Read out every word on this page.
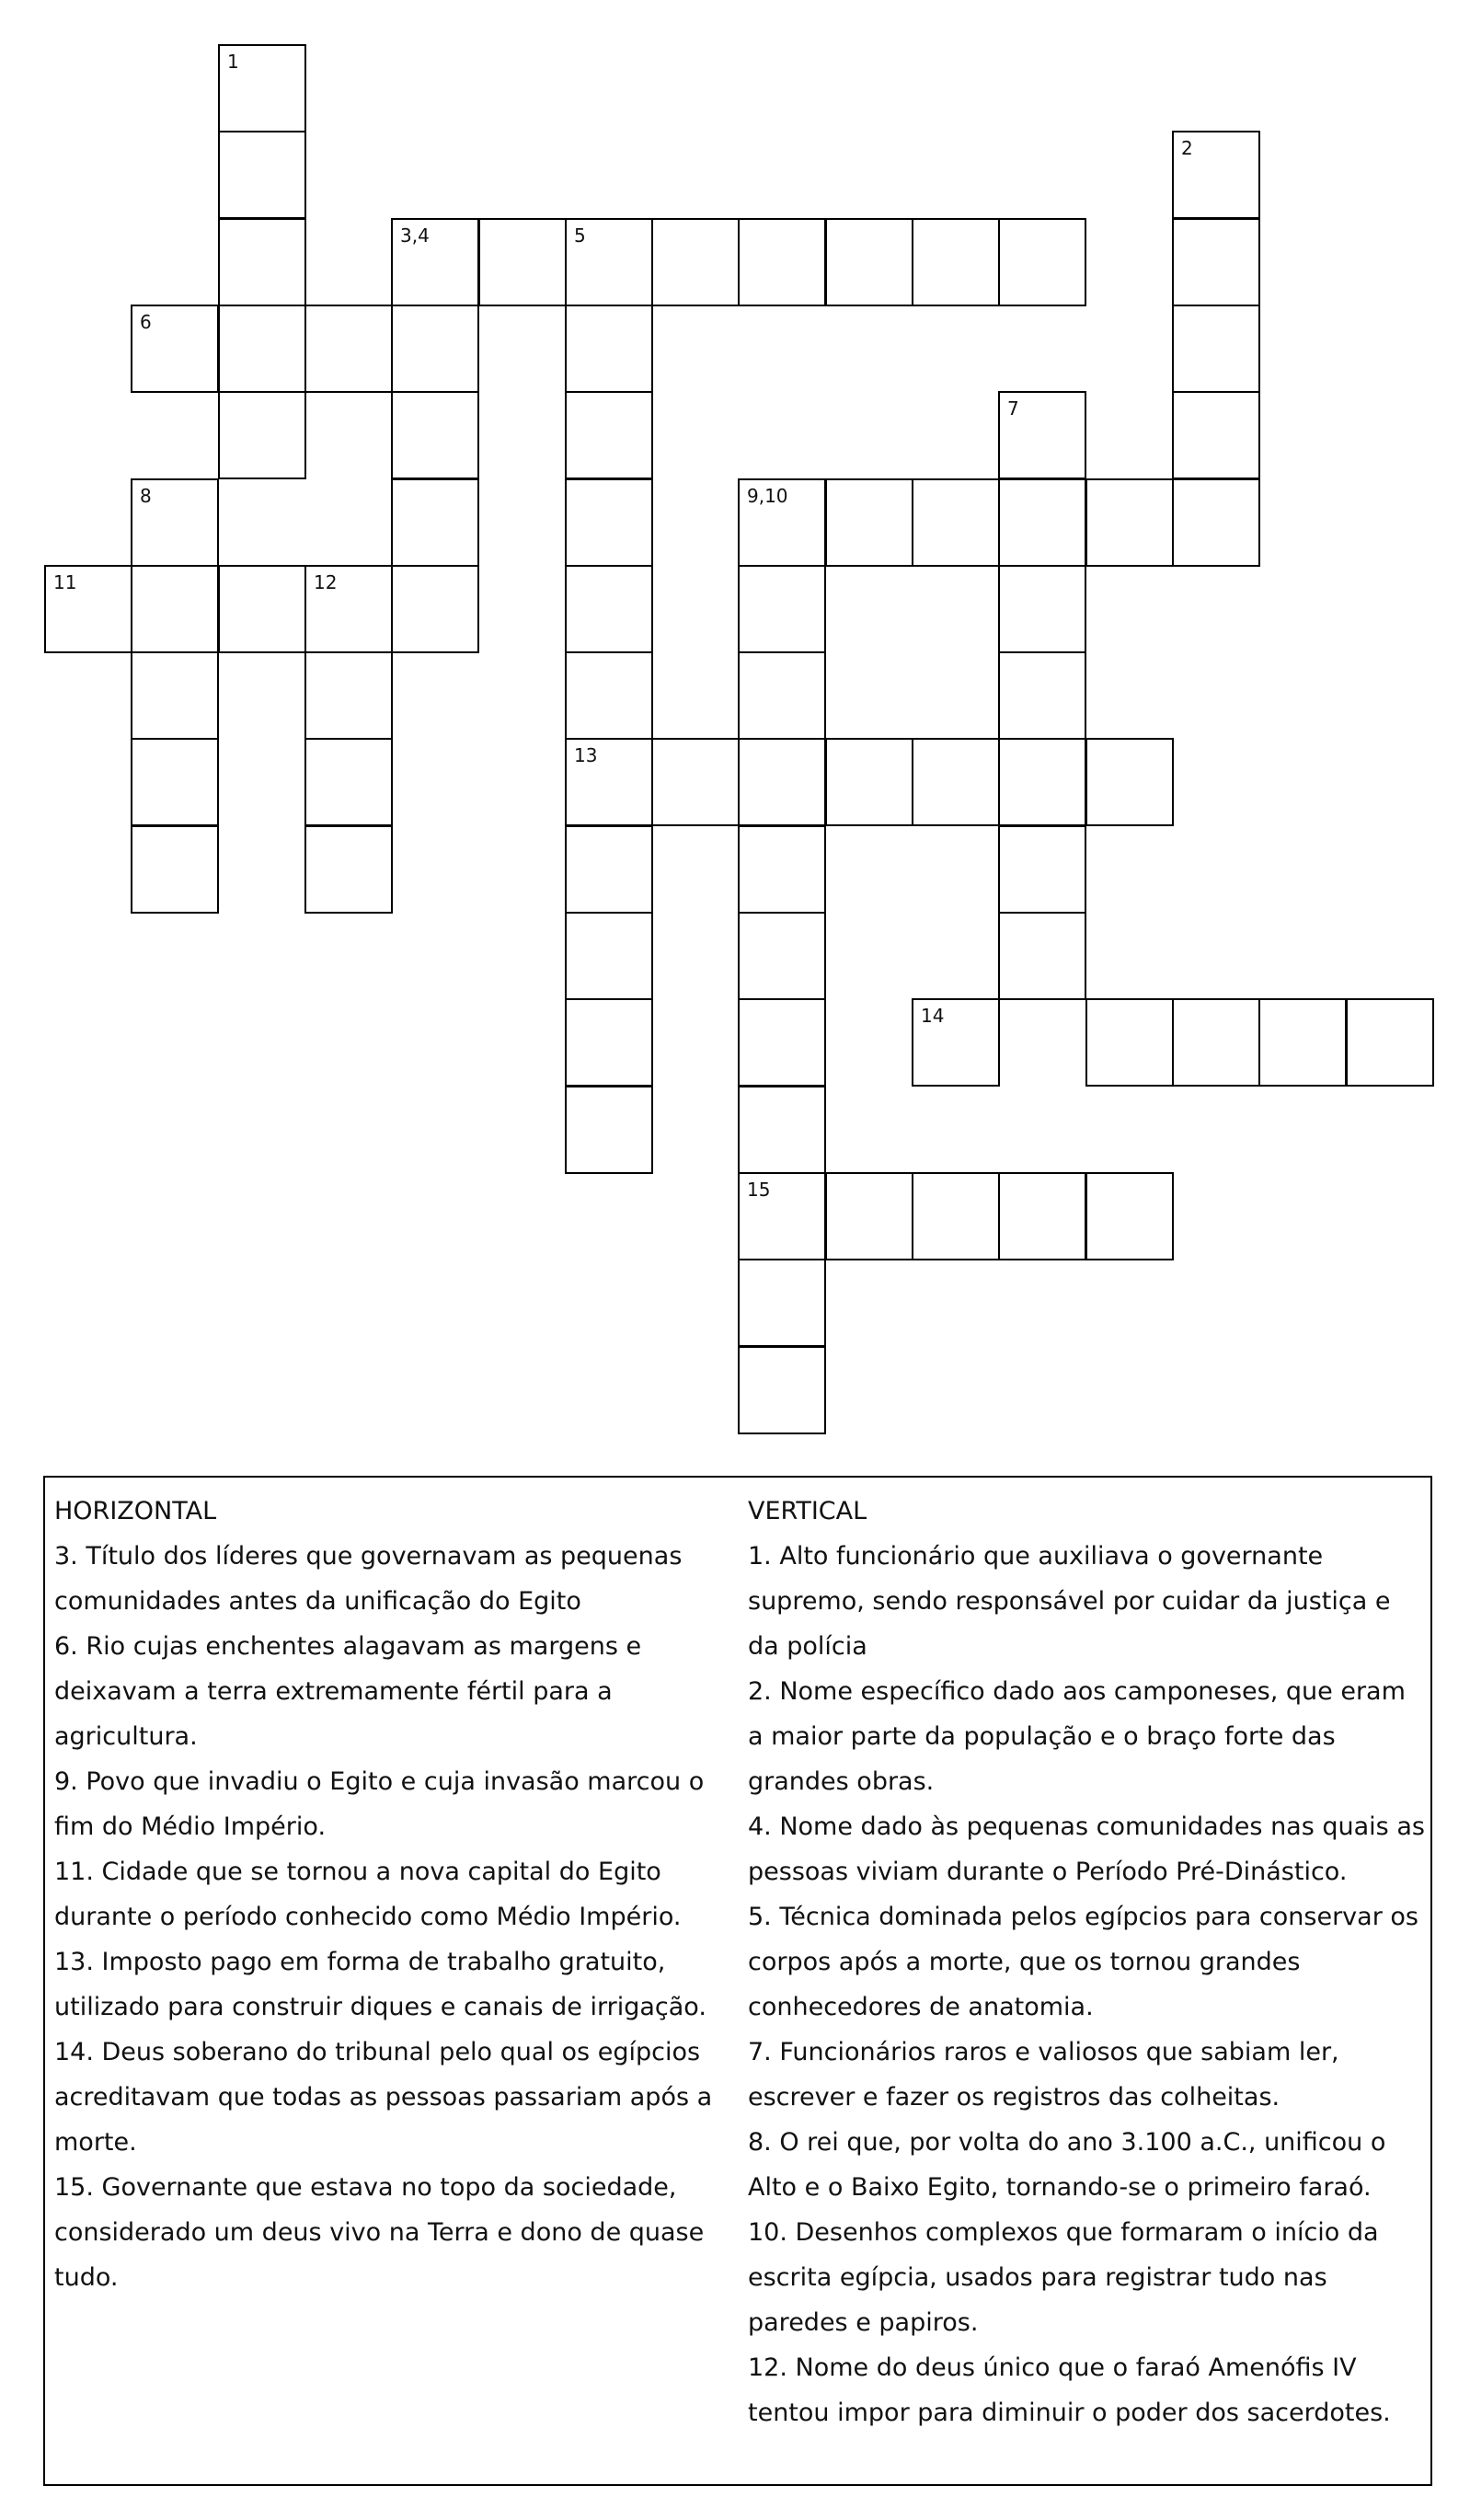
1
2
3,4	5
6
13
7
9,10
15
8
11	12
14
HORIZONTAL

3. Título dos líderes que governavam as pequenas comunidades antes da unificação do Egito

6. Rio cujas enchentes alagavam as margens e deixavam a terra extremamente fértil para a agricultura.

9. Povo que invadiu o Egito e cuja invasão marcou o fim do Médio Império.

11. Cidade que se tornou a nova capital do Egito durante o período conhecido como Médio Império.

13. Imposto pago em forma de trabalho gratuito, utilizado para construir diques e canais de irrigação.

14. Deus soberano do tribunal pelo qual os egípcios acreditavam que todas as pessoas passariam após a morte.

15. Governante que estava no topo da sociedade, considerado um deus vivo na Terra e dono de quase tudo.

VERTICAL

1. Alto funcionário que auxiliava o governante supremo, sendo responsável por cuidar da justiça e da polícia

2. Nome específico dado aos camponeses, que eram a maior parte da população e o braço forte das grandes obras.

4. Nome dado às pequenas comunidades nas quais as pessoas viviam durante o Período Pré-Dinástico.

5. Técnica dominada pelos egípcios para conservar os corpos após a morte, que os tornou grandes conhecedores de anatomia.

7. Funcionários raros e valiosos que sabiam ler, escrever e fazer os registros das colheitas.

8. O rei que, por volta do ano 3.100 a.C., unificou o Alto e o Baixo Egito, tornando-se o primeiro faraó.

10. Desenhos complexos que formaram o início da escrita egípcia, usados para registrar tudo nas paredes e papiros.

12. Nome do deus único que o faraó Amenófis IV tentou impor para diminuir o poder dos sacerdotes.
